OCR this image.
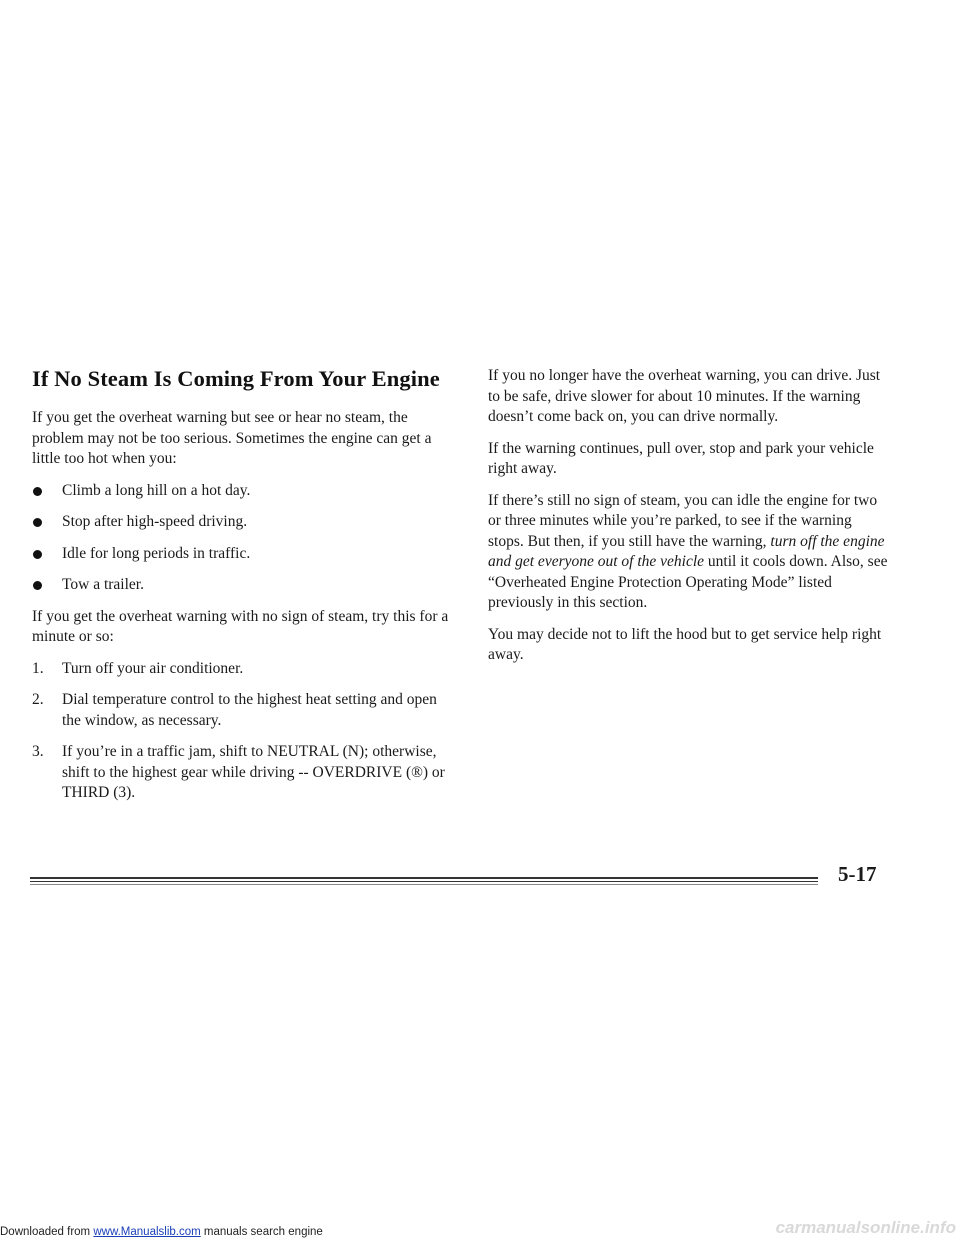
If No Steam Is Coming From Your Engine

If you get the overheat warning but see or hear no steam, the problem may not be too serious. Sometimes the engine can get a little too hot when you:

Climb a long hill on a hot day.
Stop after high-speed driving.
Idle for long periods in traffic.
Tow a trailer.

If you get the overheat warning with no sign of steam, try this for a minute or so:

1. Turn off your air conditioner.
2. Dial temperature control to the highest heat setting and open the window, as necessary.
3. If you’re in a traffic jam, shift to NEUTRAL (N); otherwise, shift to the highest gear while driving -- OVERDRIVE (®) or THIRD (3).

If you no longer have the overheat warning, you can drive. Just to be safe, drive slower for about 10 minutes. If the warning doesn’t come back on, you can drive normally.

If the warning continues, pull over, stop and park your vehicle right away.

If there’s still no sign of steam, you can idle the engine for two or three minutes while you’re parked, to see if the warning stops. But then, if you still have the warning, turn off the engine and get everyone out of the vehicle until it cools down. Also, see “Overheated Engine Protection Operating Mode” listed previously in this section.

You may decide not to lift the hood but to get service help right away.

5-17
Downloaded from www.Manualslib.com manuals search engine	carmanualsonline.info
